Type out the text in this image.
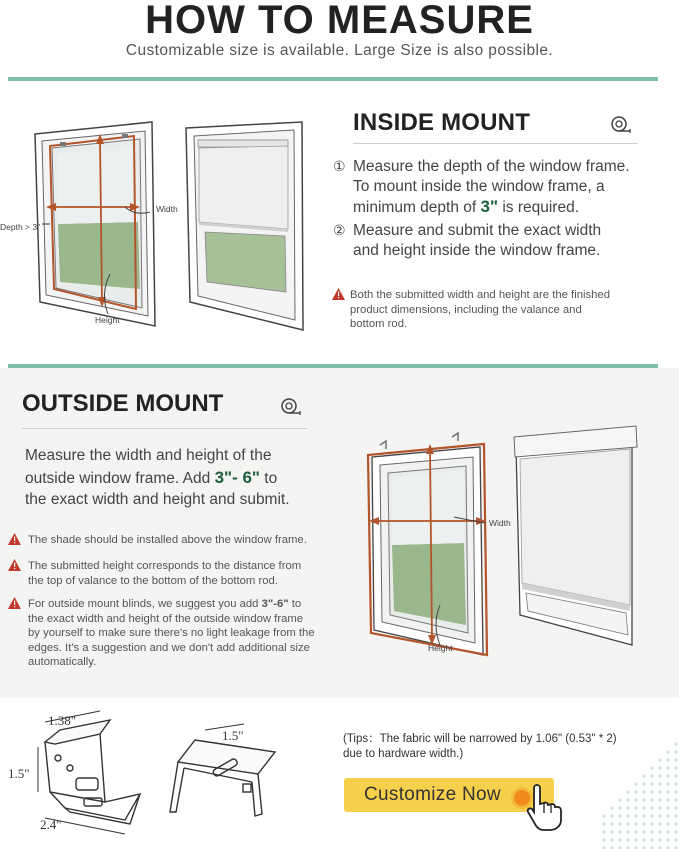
HOW TO MEASURE
Customizable size is available. Large Size is also possible.
Depth > 3"
Width
Height
INSIDE MOUNT
① Measure the depth of the window frame.
To mount inside the window frame, a
minimum depth of 3" is required.
② Measure and submit the exact width
and height inside the window frame.
Both the submitted width and height are the finished
product dimensions, including the valance and
bottom rod.
OUTSIDE MOUNT
Measure the width and height of the
outside window frame. Add 3"- 6" to
the exact width and height and submit.
The shade should be installed above the window frame.
The submitted height corresponds to the distance from
the top of valance to the bottom of the bottom rod.
For outside mount blinds, we suggest you add 3"-6" to
the exact width and height of the outside window frame
by yourself to make sure there's no light leakage from the
edges. It's a suggestion and we don't add additional size
automatically.
Width
Height
1.38"
1.5"
2.4"
1.5"	(Tips：The fabric will be narrowed by 1.06" (0.53" * 2)
due to hardware width.)
Customize Now
